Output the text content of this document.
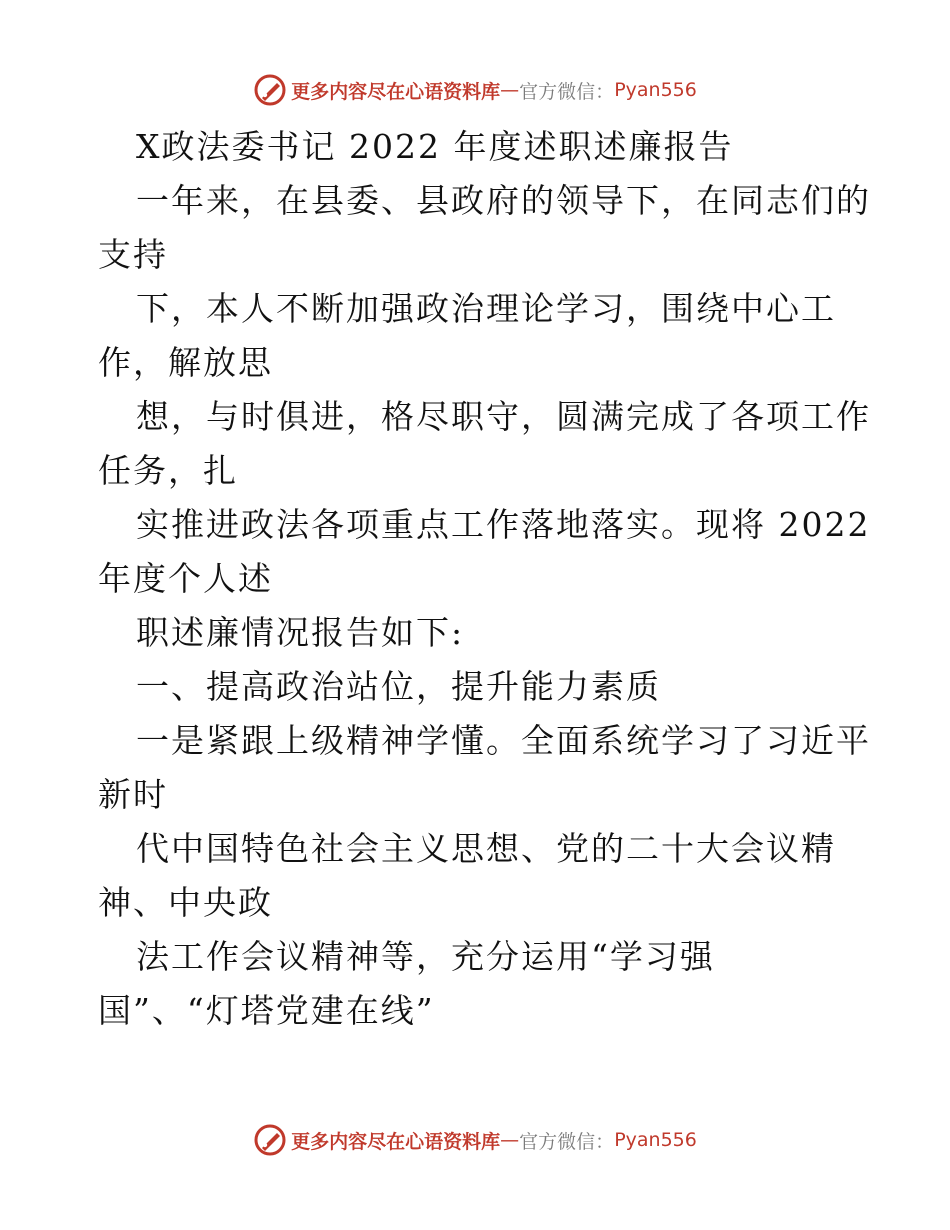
更多内容尽在心语资料库 — 官方微信： Pyan556
X政法委书记 2022 年度述职述廉报告
一年来，在县委、县政府的领导下，在同志们的
支持
下，本人不断加强政治理论学习，围绕中心工
作，解放思
想，与时俱进，格尽职守，圆满完成了各项工作
任务，扎
实推进政法各项重点工作落地落实。现将 2022
年度个人述
职述廉情况报告如下:
一、提高政治站位，提升能力素质
一是紧跟上级精神学懂。全面系统学习了习近平
新时
代中国特色社会主义思想、党的二十大会议精
神、中央政
法工作会议精神等，充分运用“学习强
国”、“灯塔党建在线”
更多内容尽在心语资料库 — 官方微信： Pyan556
